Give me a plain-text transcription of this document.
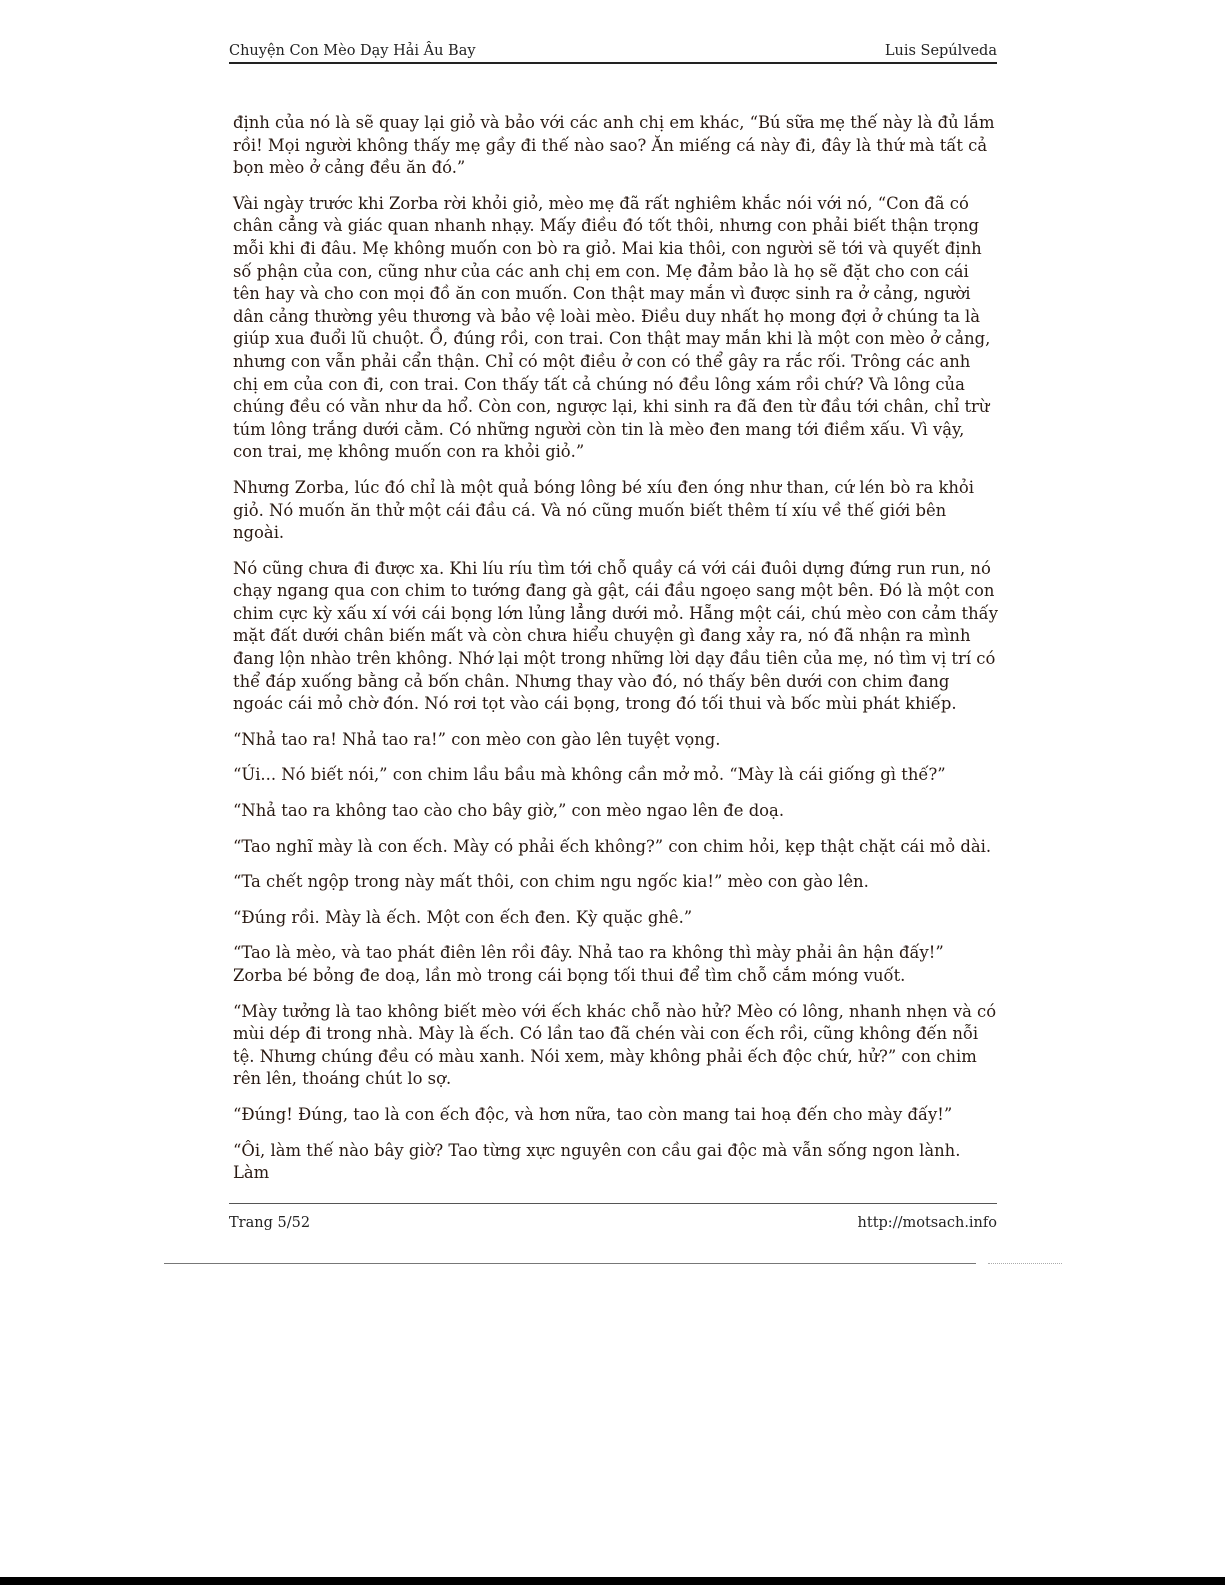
Chuyện Con Mèo Dạy Hải Âu Bay	Luis Sepúlveda

định của nó là sẽ quay lại giỏ và bảo với các anh chị em khác, “Bú sữa mẹ thế này là đủ lắm rồi! Mọi người không thấy mẹ gầy đi thế nào sao? Ăn miếng cá này đi, đây là thứ mà tất cả bọn mèo ở cảng đều ăn đó.”

Vài ngày trước khi Zorba rời khỏi giỏ, mèo mẹ đã rất nghiêm khắc nói với nó, “Con đã có chân cẳng và giác quan nhanh nhạy. Mấy điều đó tốt thôi, nhưng con phải biết thận trọng mỗi khi đi đâu. Mẹ không muốn con bò ra giỏ. Mai kia thôi, con người sẽ tới và quyết định số phận của con, cũng như của các anh chị em con. Mẹ đảm bảo là họ sẽ đặt cho con cái tên hay và cho con mọi đồ ăn con muốn. Con thật may mắn vì được sinh ra ở cảng, người dân cảng thường yêu thương và bảo vệ loài mèo. Điều duy nhất họ mong đợi ở chúng ta là giúp xua đuổi lũ chuột. Ồ, đúng rồi, con trai. Con thật may mắn khi là một con mèo ở cảng, nhưng con vẫn phải cẩn thận. Chỉ có một điều ở con có thể gây ra rắc rối. Trông các anh chị em của con đi, con trai. Con thấy tất cả chúng nó đều lông xám rồi chứ? Và lông của chúng đều có vằn như da hổ. Còn con, ngược lại, khi sinh ra đã đen từ đầu tới chân, chỉ trừ túm lông trắng dưới cằm. Có những người còn tin là mèo đen mang tới điềm xấu. Vì vậy, con trai, mẹ không muốn con ra khỏi giỏ.”

Nhưng Zorba, lúc đó chỉ là một quả bóng lông bé xíu đen óng như than, cứ lén bò ra khỏi giỏ. Nó muốn ăn thử một cái đầu cá. Và nó cũng muốn biết thêm tí xíu về thế giới bên ngoài.

Nó cũng chưa đi được xa. Khi líu ríu tìm tới chỗ quầy cá với cái đuôi dựng đứng run run, nó chạy ngang qua con chim to tướng đang gà gật, cái đầu ngoẹo sang một bên. Đó là một con chim cực kỳ xấu xí với cái bọng lớn lủng lẳng dưới mỏ. Hẵng một cái, chú mèo con cảm thấy mặt đất dưới chân biến mất và còn chưa hiểu chuyện gì đang xảy ra, nó đã nhận ra mình đang lộn nhào trên không. Nhớ lại một trong những lời dạy đầu tiên của mẹ, nó tìm vị trí có thể đáp xuống bằng cả bốn chân. Nhưng thay vào đó, nó thấy bên dưới con chim đang ngoác cái mỏ chờ đón. Nó rơi tọt vào cái bọng, trong đó tối thui và bốc mùi phát khiếp.

“Nhả tao ra! Nhả tao ra!” con mèo con gào lên tuyệt vọng.

“Úi... Nó biết nói,” con chim lầu bầu mà không cần mở mỏ. “Mày là cái giống gì thế?”

“Nhả tao ra không tao cào cho bây giờ,” con mèo ngao lên đe doạ.

“Tao nghĩ mày là con ếch. Mày có phải ếch không?” con chim hỏi, kẹp thật chặt cái mỏ dài.

“Ta chết ngộp trong này mất thôi, con chim ngu ngốc kia!” mèo con gào lên.

“Đúng rồi. Mày là ếch. Một con ếch đen. Kỳ quặc ghê.”

“Tao là mèo, và tao phát điên lên rồi đây. Nhả tao ra không thì mày phải ân hận đấy!” Zorba bé bỏng đe doạ, lần mò trong cái bọng tối thui để tìm chỗ cắm móng vuốt.

“Mày tưởng là tao không biết mèo với ếch khác chỗ nào hử? Mèo có lông, nhanh nhẹn và có mùi dép đi trong nhà. Mày là ếch. Có lần tao đã chén vài con ếch rồi, cũng không đến nỗi tệ. Nhưng chúng đều có màu xanh. Nói xem, mày không phải ếch độc chứ, hử?” con chim rên lên, thoáng chút lo sợ.

“Đúng! Đúng, tao là con ếch độc, và hơn nữa, tao còn mang tai hoạ đến cho mày đấy!”

“Ôi, làm thế nào bây giờ? Tao từng xực nguyên con cầu gai độc mà vẫn sống ngon lành. Làm

Trang 5/52	http://motsach.info
